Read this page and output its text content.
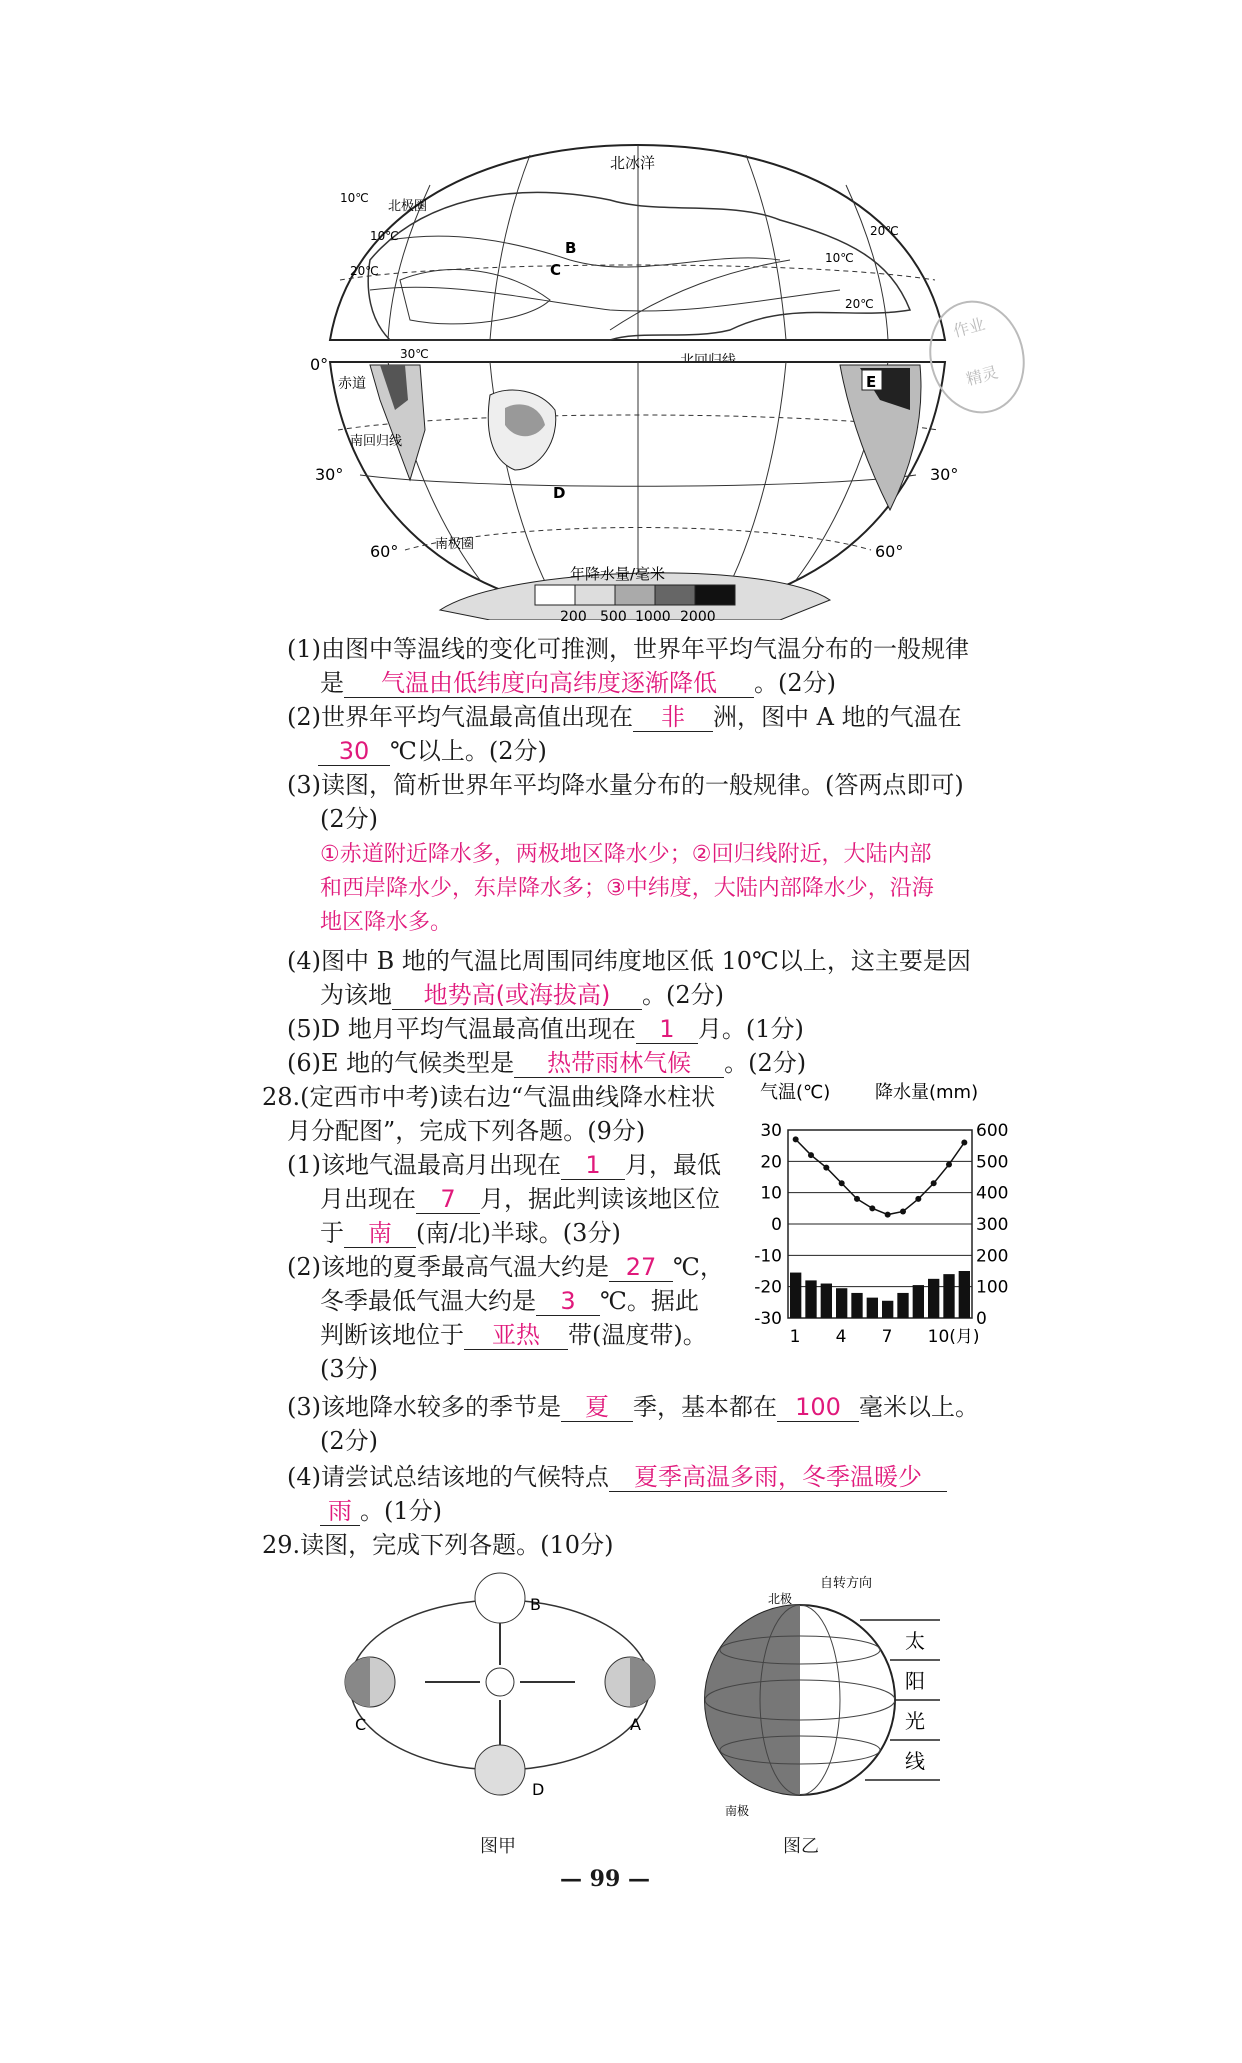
北极圈
北冰洋
10℃
10℃
10℃
20℃
20℃
20℃
30℃
B
C
E
D
0°
赤道
南回归线
30°	30°
60°	60°
南极圈
年降水量/毫米
200 500 1000 2000
作业
精灵
(1)由图中等温线的变化可推测，世界年平均气温分布的一般规律
是 气温由低纬度向高纬度逐渐降低 。(2分)
(2)世界年平均气温最高值出现在 非 洲，图中 A 地的气温在
30 ℃以上。(2分)
(3)读图，简析世界年平均降水量分布的一般规律。(答两点即可)
(2分)
①赤道附近降水多，两极地区降水少；②回归线附近，大陆内部
和西岸降水少，东岸降水多；③中纬度，大陆内部降水少，沿海
地区降水多。
(4)图中 B 地的气温比周围同纬度地区低 10℃以上，这主要是因
为该地 地势高(或海拔高) 。(2分)
(5)D 地月平均气温最高值出现在 1 月。(1分)
(6)E 地的气候类型是 热带雨林气候 。(2分)
28.(定西市中考)读右边“气温曲线降水柱状
月分配图”，完成下列各题。(9分)
(1)该地气温最高月出现在 1 月，最低
月出现在 7 月，据此判读该地区位
于 南 (南/北)半球。(3分)
(2)该地的夏季最高气温大约是 27 ℃，
冬季最低气温大约是 3 ℃。据此
判断该地位于 亚热 带(温度带)。
(3分)
(3)该地降水较多的季节是 夏 季，基本都在 100 毫米以上。
(2分)
(4)请尝试总结该地的气候特点 夏季高温多雨，冬季温暖少
雨 。(1分)
气温(℃) 降水量(mm)
30	600
20	500
10	400
0	300
-10	200
-20	100
-30	0
1 4 7 10(月)
29.读图，完成下列各题。(10分)
B
A
C
D
图甲
自转方向
北极
南极
太
阳
光
线
图乙
— 99 —
